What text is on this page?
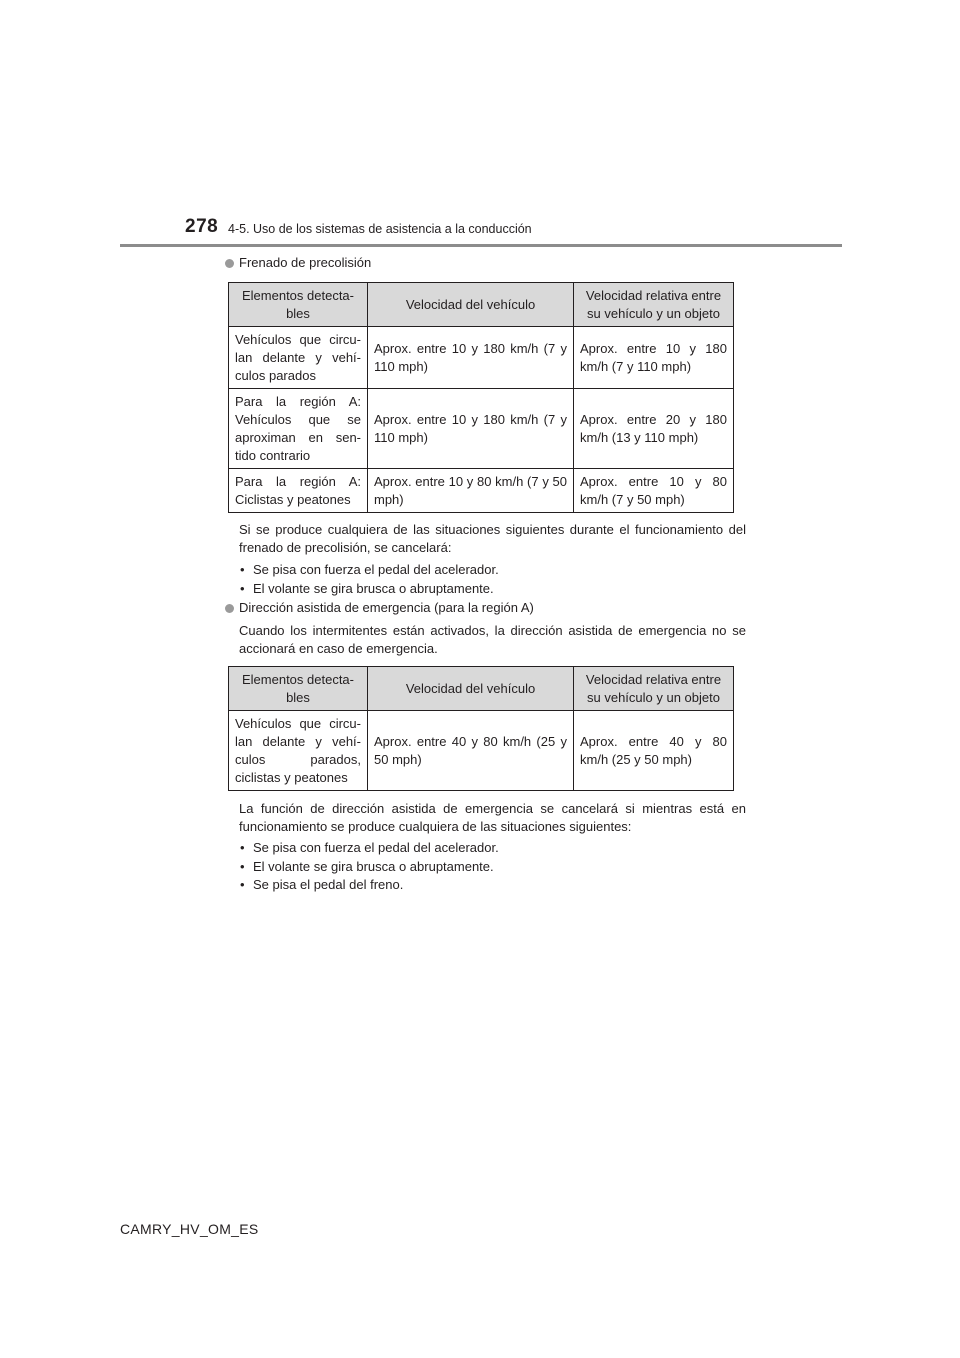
278 4-5. Uso de los sistemas de asistencia a la conducción
Frenado de precolisión
Elementos detecta-bles	Velocidad del vehículo	Velocidad relativa entre su vehículo y un objeto
Vehículos que circu-lan delante y vehí-culos parados	Aprox. entre 10 y 180 km/h (7 y 110 mph)	Aprox. entre 10 y 180 km/h (7 y 110 mph)
Para la región A: Vehículos que se aproximan en sen-tido contrario	Aprox. entre 10 y 180 km/h (7 y 110 mph)	Aprox. entre 20 y 180 km/h (13 y 110 mph)
Para la región A: Ciclistas y peatones	Aprox. entre 10 y 80 km/h (7 y 50 mph)	Aprox. entre 10 y 80 km/h (7 y 50 mph)
Si se produce cualquiera de las situaciones siguientes durante el funcionamiento del frenado de precolisión, se cancelará:
• Se pisa con fuerza el pedal del acelerador.
• El volante se gira brusca o abruptamente.
Dirección asistida de emergencia (para la región A)
Cuando los intermitentes están activados, la dirección asistida de emergencia no se accionará en caso de emergencia.
Elementos detecta-bles	Velocidad del vehículo	Velocidad relativa entre su vehículo y un objeto
Vehículos que circu-lan delante y vehí-culos parados, ciclistas y peatones	Aprox. entre 40 y 80 km/h (25 y 50 mph)	Aprox. entre 40 y 80 km/h (25 y 50 mph)
La función de dirección asistida de emergencia se cancelará si mientras está en funcionamiento se produce cualquiera de las situaciones siguientes:
• Se pisa con fuerza el pedal del acelerador.
• El volante se gira brusca o abruptamente.
• Se pisa el pedal del freno.
CAMRY_HV_OM_ES
